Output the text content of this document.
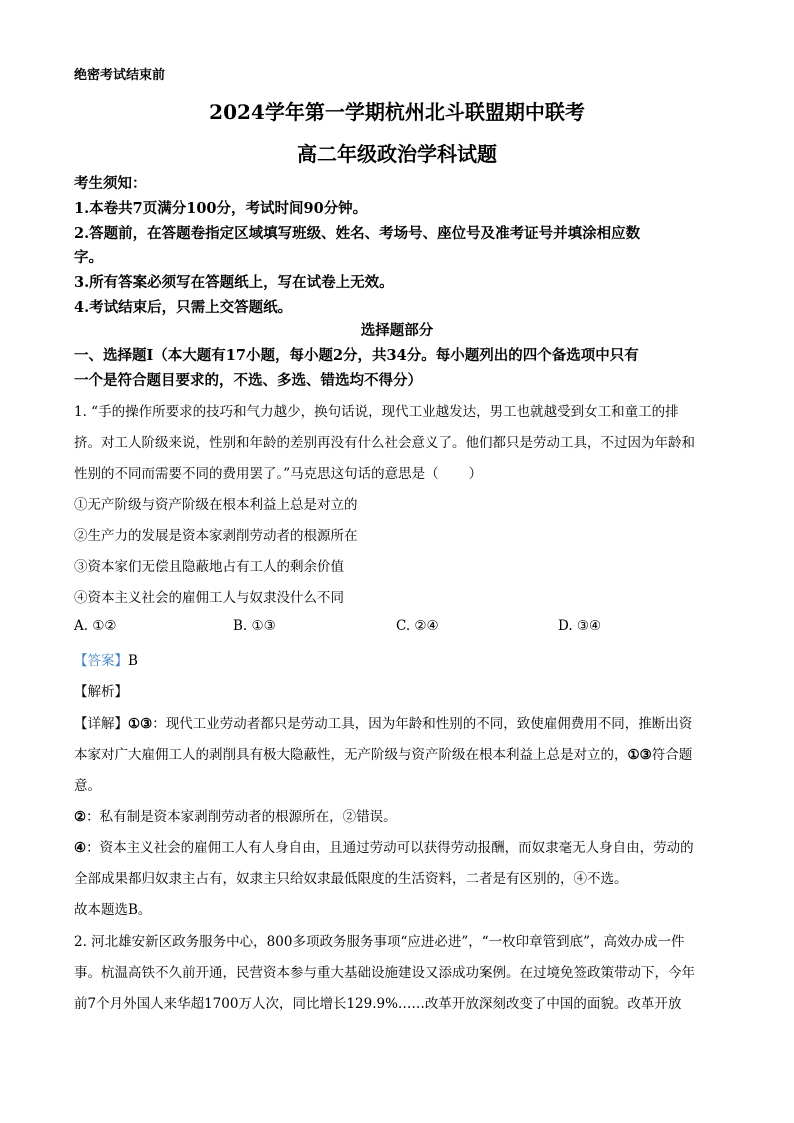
绝密考试结束前
2024学年第一学期杭州北斗联盟期中联考
高二年级政治学科试题
考生须知：
1.本卷共7页满分100分，考试时间90分钟。
2.答题前，在答题卷指定区域填写班级、姓名、考场号、座位号及准考证号并填涂相应数
字。
3.所有答案必须写在答题纸上，写在试卷上无效。
4.考试结束后，只需上交答题纸。
选择题部分
一、选择题Ⅰ（本大题有17小题，每小题2分，共34分。每小题列出的四个备选项中只有
一个是符合题目要求的，不选、多选、错选均不得分）
1. “手的操作所要求的技巧和气力越少，换句话说，现代工业越发达，男工也就越受到女工和童工的排
挤。对工人阶级来说，性别和年龄的差别再没有什么社会意义了。他们都只是劳动工具，不过因为年龄和
性别的不同而需要不同的费用罢了。”马克思这句话的意思是（ ）
①无产阶级与资产阶级在根本利益上总是对立的
②生产力的发展是资本家剥削劳动者的根源所在
③资本家们无偿且隐蔽地占有工人的剩余价值
④资本主义社会的雇佣工人与奴隶没什么不同
A. ①②	B. ①③	C. ②④	D. ③④
【答案】B
【解析】
【详解】①③：现代工业劳动者都只是劳动工具，因为年龄和性别的不同，致使雇佣费用不同，推断出资
本家对广大雇佣工人的剥削具有极大隐蔽性，无产阶级与资产阶级在根本利益上总是对立的，①③符合题
意。
②：私有制是资本家剥削劳动者的根源所在，②错误。
④：资本主义社会的雇佣工人有人身自由，且通过劳动可以获得劳动报酬，而奴隶毫无人身自由，劳动的
全部成果都归奴隶主占有，奴隶主只给奴隶最低限度的生活资料，二者是有区别的，④不选。
故本题选B。
2. 河北雄安新区政务服务中心，800多项政务服务事项“应进必进”，“一枚印章管到底”，高效办成一件
事。杭温高铁不久前开通，民营资本参与重大基础设施建设又添成功案例。在过境免签政策带动下，今年
前7个月外国人来华超1700万人次，同比增长129.9%……改革开放深刻改变了中国的面貌。改革开放
